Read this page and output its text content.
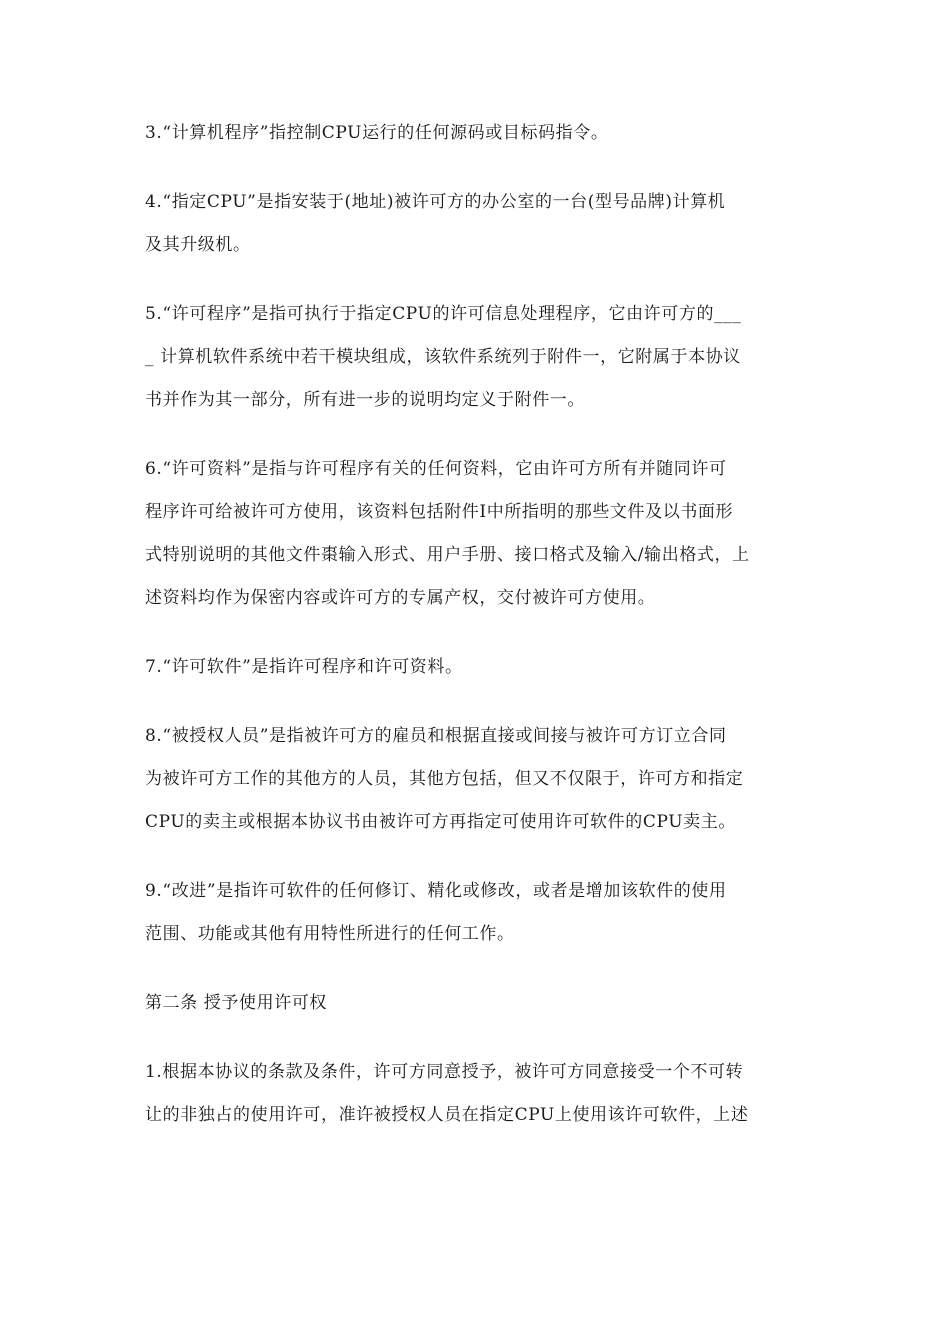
3.“计算机程序”指控制CPU运行的任何源码或目标码指令。

4.“指定CPU”是指安装于(地址)被许可方的办公室的一台(型号品牌)计算机
及其升级机。

5.“许可程序”是指可执行于指定CPU的许可信息处理程序，它由许可方的___
_ 计算机软件系统中若干模块组成，该软件系统列于附件一，它附属于本协议
书并作为其一部分，所有进一步的说明均定义于附件一。

6.“许可资料”是指与许可程序有关的任何资料，它由许可方所有并随同许可
程序许可给被许可方使用，该资料包括附件I中所指明的那些文件及以书面形
式特别说明的其他文件棗输入形式、用户手册、接口格式及输入/输出格式，上
述资料均作为保密内容或许可方的专属产权，交付被许可方使用。

7.“许可软件”是指许可程序和许可资料。

8.“被授权人员”是指被许可方的雇员和根据直接或间接与被许可方订立合同
为被许可方工作的其他方的人员，其他方包括，但又不仅限于，许可方和指定
CPU的卖主或根据本协议书由被许可方再指定可使用许可软件的CPU卖主。

9.“改进”是指许可软件的任何修订、精化或修改，或者是增加该软件的使用
范围、功能或其他有用特性所进行的任何工作。

第二条 授予使用许可权

1.根据本协议的条款及条件，许可方同意授予，被许可方同意接受一个不可转
让的非独占的使用许可，准许被授权人员在指定CPU上使用该许可软件，上述
